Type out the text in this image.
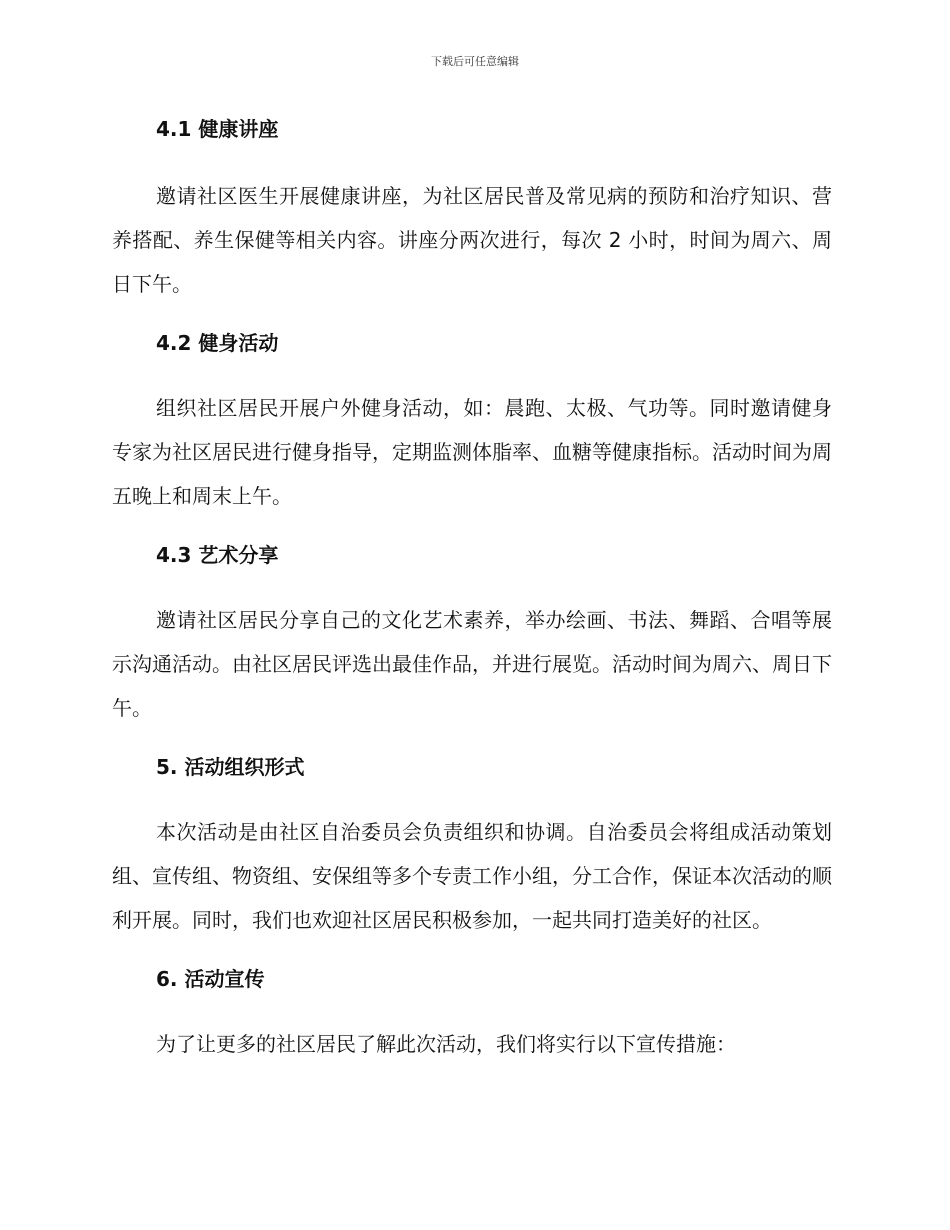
下载后可任意编辑
4.1 健康讲座

邀请社区医生开展健康讲座，为社区居民普及常见病的预防和治疗知识、营养搭配、养生保健等相关内容。讲座分两次进行，每次 2 小时，时间为周六、周日下午。

4.2 健身活动

组织社区居民开展户外健身活动，如：晨跑、太极、气功等。同时邀请健身专家为社区居民进行健身指导，定期监测体脂率、血糖等健康指标。活动时间为周五晚上和周末上午。

4.3 艺术分享

邀请社区居民分享自己的文化艺术素养，举办绘画、书法、舞蹈、合唱等展示沟通活动。由社区居民评选出最佳作品，并进行展览。活动时间为周六、周日下午。

5. 活动组织形式

本次活动是由社区自治委员会负责组织和协调。自治委员会将组成活动策划组、宣传组、物资组、安保组等多个专责工作小组，分工合作，保证本次活动的顺利开展。同时，我们也欢迎社区居民积极参加，一起共同打造美好的社区。

6. 活动宣传

为了让更多的社区居民了解此次活动，我们将实行以下宣传措施：
